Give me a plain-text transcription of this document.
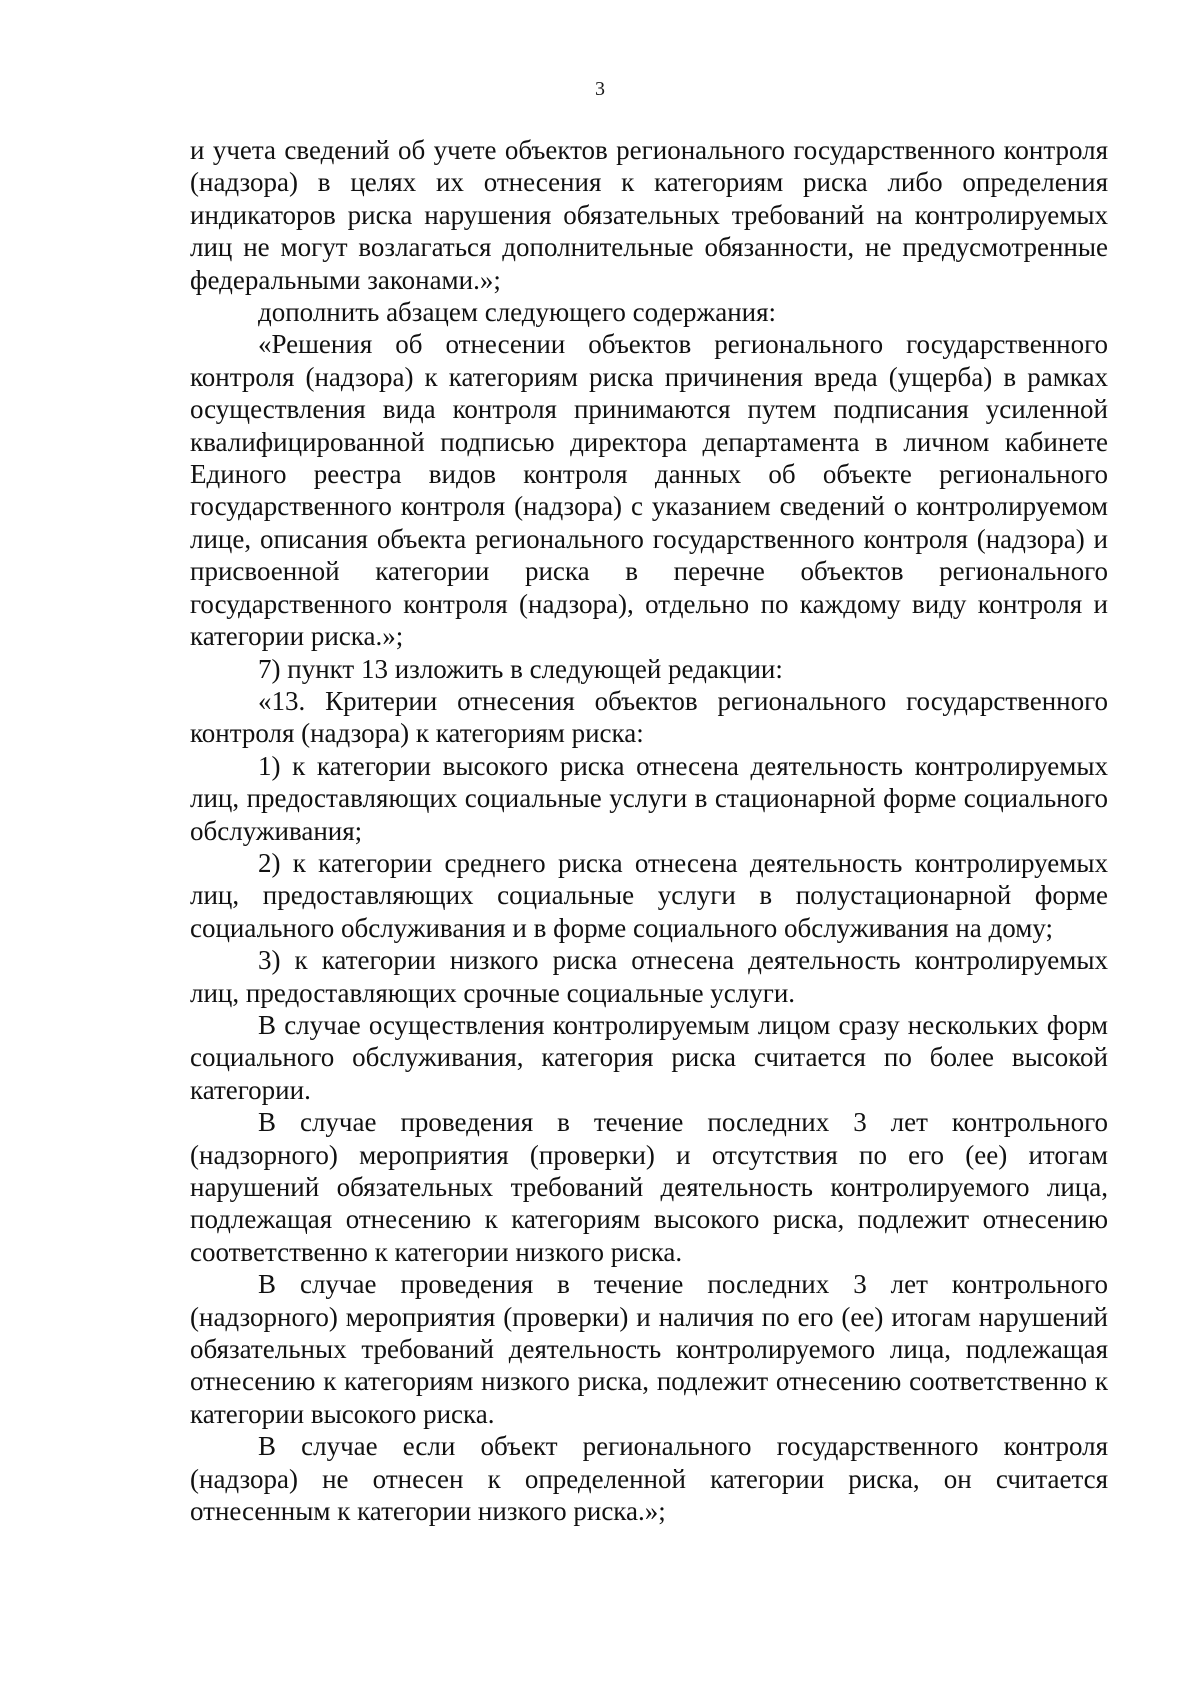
3

и учета сведений об учете объектов регионального государственного контроля (надзора) в целях их отнесения к категориям риска либо определения индикаторов риска нарушения обязательных требований на контролируемых лиц не могут возлагаться дополнительные обязанности, не предусмотренные федеральными законами.»;

дополнить абзацем следующего содержания:

«Решения об отнесении объектов регионального государственного контроля (надзора) к категориям риска причинения вреда (ущерба) в рамках осуществления вида контроля принимаются путем подписания усиленной квалифицированной подписью директора департамента в личном кабинете Единого реестра видов контроля данных об объекте регионального государственного контроля (надзора) с указанием сведений о контролируемом лице, описания объекта регионального государственного контроля (надзора) и присвоенной категории риска в перечне объектов регионального государственного контроля (надзора), отдельно по каждому виду контроля и категории риска.»;

7) пункт 13 изложить в следующей редакции:

«13. Критерии отнесения объектов регионального государственного контроля (надзора) к категориям риска:

1) к категории высокого риска отнесена деятельность контролируемых лиц, предоставляющих социальные услуги в стационарной форме социального обслуживания;

2) к категории среднего риска отнесена деятельность контролируемых лиц, предоставляющих социальные услуги в полустационарной форме социального обслуживания и в форме социального обслуживания на дому;

3) к категории низкого риска отнесена деятельность контролируемых лиц, предоставляющих срочные социальные услуги.

В случае осуществления контролируемым лицом сразу нескольких форм социального обслуживания, категория риска считается по более высокой категории.

В случае проведения в течение последних 3 лет контрольного (надзорного) мероприятия (проверки) и отсутствия по его (ее) итогам нарушений обязательных требований деятельность контролируемого лица, подлежащая отнесению к категориям высокого риска, подлежит отнесению соответственно к категории низкого риска.

В случае проведения в течение последних 3 лет контрольного (надзорного) мероприятия (проверки) и наличия по его (ее) итогам нарушений обязательных требований деятельность контролируемого лица, подлежащая отнесению к категориям низкого риска, подлежит отнесению соответственно к категории высокого риска.

В случае если объект регионального государственного контроля (надзора) не отнесен к определенной категории риска, он считается отнесенным к категории низкого риска.»;
